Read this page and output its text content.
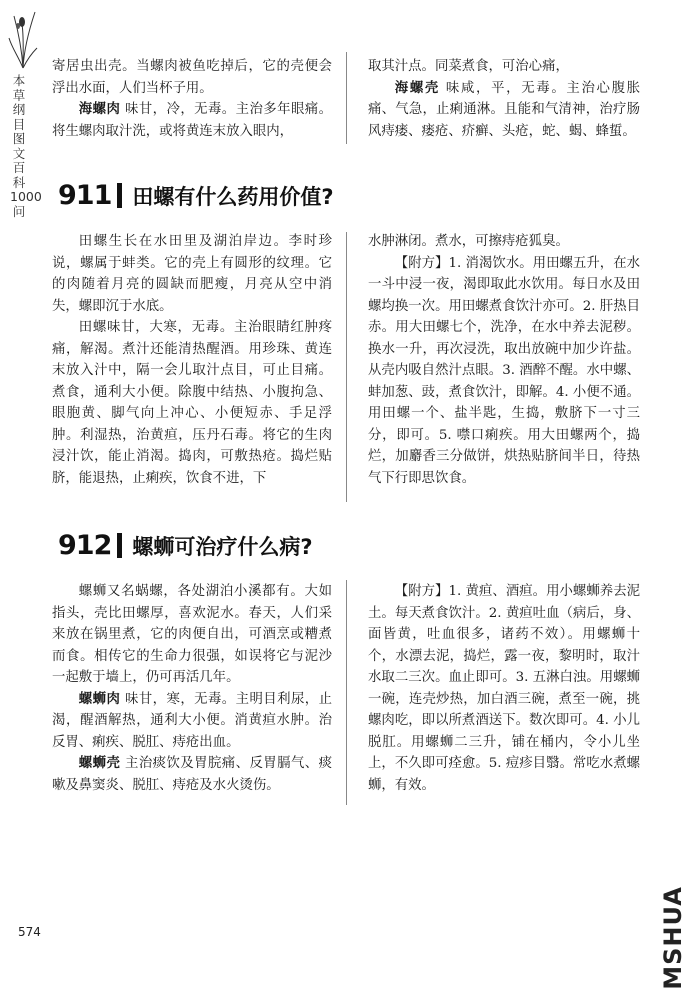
本草纲目图文百科1000问

寄居虫出壳。当螺肉被鱼吃掉后，它的壳便会浮出水面，人们当杯子用。

海螺肉 味甘，冷，无毒。主治多年眼痛。将生螺肉取汁洗，或将黄连末放入眼内，

取其汁点。同菜煮食，可治心痛，

海螺壳 味咸，平，无毒。主治心腹胀痛、气急，止痢通淋。且能和气清神，治疗肠风痔瘘、瘘疮、疥癣、头疮，蛇、蝎、蜂蜇。

911 田螺有什么药用价值?

田螺生长在水田里及湖泊岸边。李时珍说，螺属于蚌类。它的壳上有圆形的纹理。它的肉随着月亮的圆缺而肥瘦，月亮从空中消失，螺即沉于水底。

田螺味甘，大寒，无毒。主治眼睛红肿疼痛，解渴。煮汁还能清热醒酒。用珍珠、黄连末放入汁中，隔一会儿取汁点目，可止目痛。煮食，通利大小便。除腹中结热、小腹拘急、眼胞黄、脚气向上冲心、小便短赤、手足浮肿。利湿热，治黄疸，压丹石毒。将它的生肉浸汁饮，能止消渴。捣肉，可敷热疮。捣烂贴脐，能退热，止痢疾，饮食不进，下

水肿淋闭。煮水，可擦痔疮狐臭。

【附方】1. 消渴饮水。用田螺五升，在水一斗中浸一夜，渴即取此水饮用。每日水及田螺均换一次。用田螺煮食饮汁亦可。2. 肝热目赤。用大田螺七个，洗净，在水中养去泥秽。换水一升，再次浸洗，取出放碗中加少许盐。从壳内吸自然汁点眼。3. 酒醉不醒。水中螺、蚌加葱、豉，煮食饮汁，即解。4. 小便不通。用田螺一个、盐半匙，生捣，敷脐下一寸三分，即可。5. 噤口痢疾。用大田螺两个，捣烂，加麝香三分做饼，烘热贴脐间半日，待热气下行即思饮食。

912 螺蛳可治疗什么病?

螺蛳又名蜗螺，各处湖泊小溪都有。大如指头，壳比田螺厚，喜欢泥水。春天，人们采来放在锅里煮，它的肉便自出，可酒烹或糟煮而食。相传它的生命力很强，如误将它与泥沙一起敷于墙上，仍可再活几年。

螺蛳肉 味甘，寒，无毒。主明目利尿，止渴，醒酒解热，通利大小便。消黄疸水肿。治反胃、痢疾、脱肛、痔疮出血。

螺蛳壳 主治痰饮及胃脘痛、反胃膈气、痰嗽及鼻窦炎、脱肛、痔疮及水火烫伤。

【附方】1. 黄疸、酒疸。用小螺蛳养去泥土。每天煮食饮汁。2. 黄疸吐血（病后，身、面皆黄，吐血很多，诸药不效）。用螺蛳十个，水漂去泥，捣烂，露一夜，黎明时，取汁水取二三次。血止即可。3. 五淋白浊。用螺蛳一碗，连壳炒热，加白酒三碗，煮至一碗，挑螺肉吃，即以所煮酒送下。数次即可。4. 小儿脱肛。用螺蛳二三升，铺在桶内，令小儿坐上，不久即可痊愈。5. 痘疹目翳。常吃水煮螺蛳，有效。

574	MSHUA
